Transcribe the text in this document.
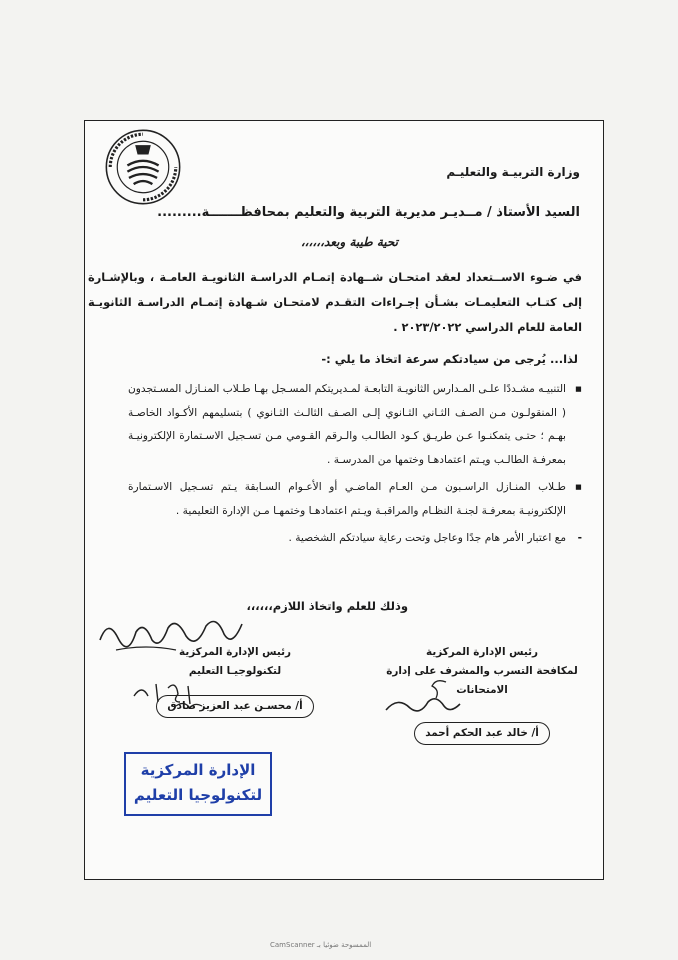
وزارة التربيـة والتعليـم
السيد الأستاذ / مــديـر مديرية التربية والتعليم بمحافظـــــــة.........
تحية طيبة وبعد،،،،،،
في ضـوء الاســتعداد لعقد امتحـان شــهادة إتمـام الدراسـة الثانويـة العامـة ، وبالإشـارة إلى كتـاب التعليمـات بشـأن إجـراءات التقـدم لامتحـان شـهادة إتمـام الدراسـة الثانويـة العامة للعام الدراسي ٢٠٢٣/٢٠٢٢ .
لذا... يُرجى من سيادتكم سرعة اتخاذ ما يلي :-
▪
التنبيـه مشـددًا علـى المـدارس الثانويـة التابعـة لمـديريتكم المسـجل بهـا طـلاب المنـازل المسـتجدون ( المنقولـون مـن الصـف الثـاني الثـانوي إلـى الصـف الثالـث الثـانوي ) بتسليمهم الأكـواد الخاصـة بهـم ؛ حتـى يتمكنـوا عـن طريـق كـود الطالـب والـرقم القـومي مـن تسـجيل الاسـتمارة الإلكترونيـة بمعرفـة الطالـب ويـتم اعتمادهـا وختمها من المدرسـة .
▪
طـلاب المنـازل الراسـبون مـن العـام الماضـي أو الأعـوام السـابقة يـتم تسـجيل الاسـتمارة الإلكترونيـة بمعرفـة لجنـة النظـام والمراقبـة ويـتم اعتمادهـا وختمهـا مـن الإدارة التعليمية .
-
مع اعتبار الأمر هام جدًا وعاجل وتحت رعاية سيادتكم الشخصية .
وذلك للعلم واتخاذ اللازم،،،،،،
رئيس الإدارة المركزية
لتكنولوجيـا التعليم
أ/ محسـن عبد العزيز صادق
رئيس الإدارة المركزية
لمكافحة التسرب والمشرف على إدارة الامتحانات
أ/ خالد عبد الحكم أحمد
الإدارة المركزية
لتكنولوجيا التعليم
CamScanner الممسوحة ضوئيا بـ
